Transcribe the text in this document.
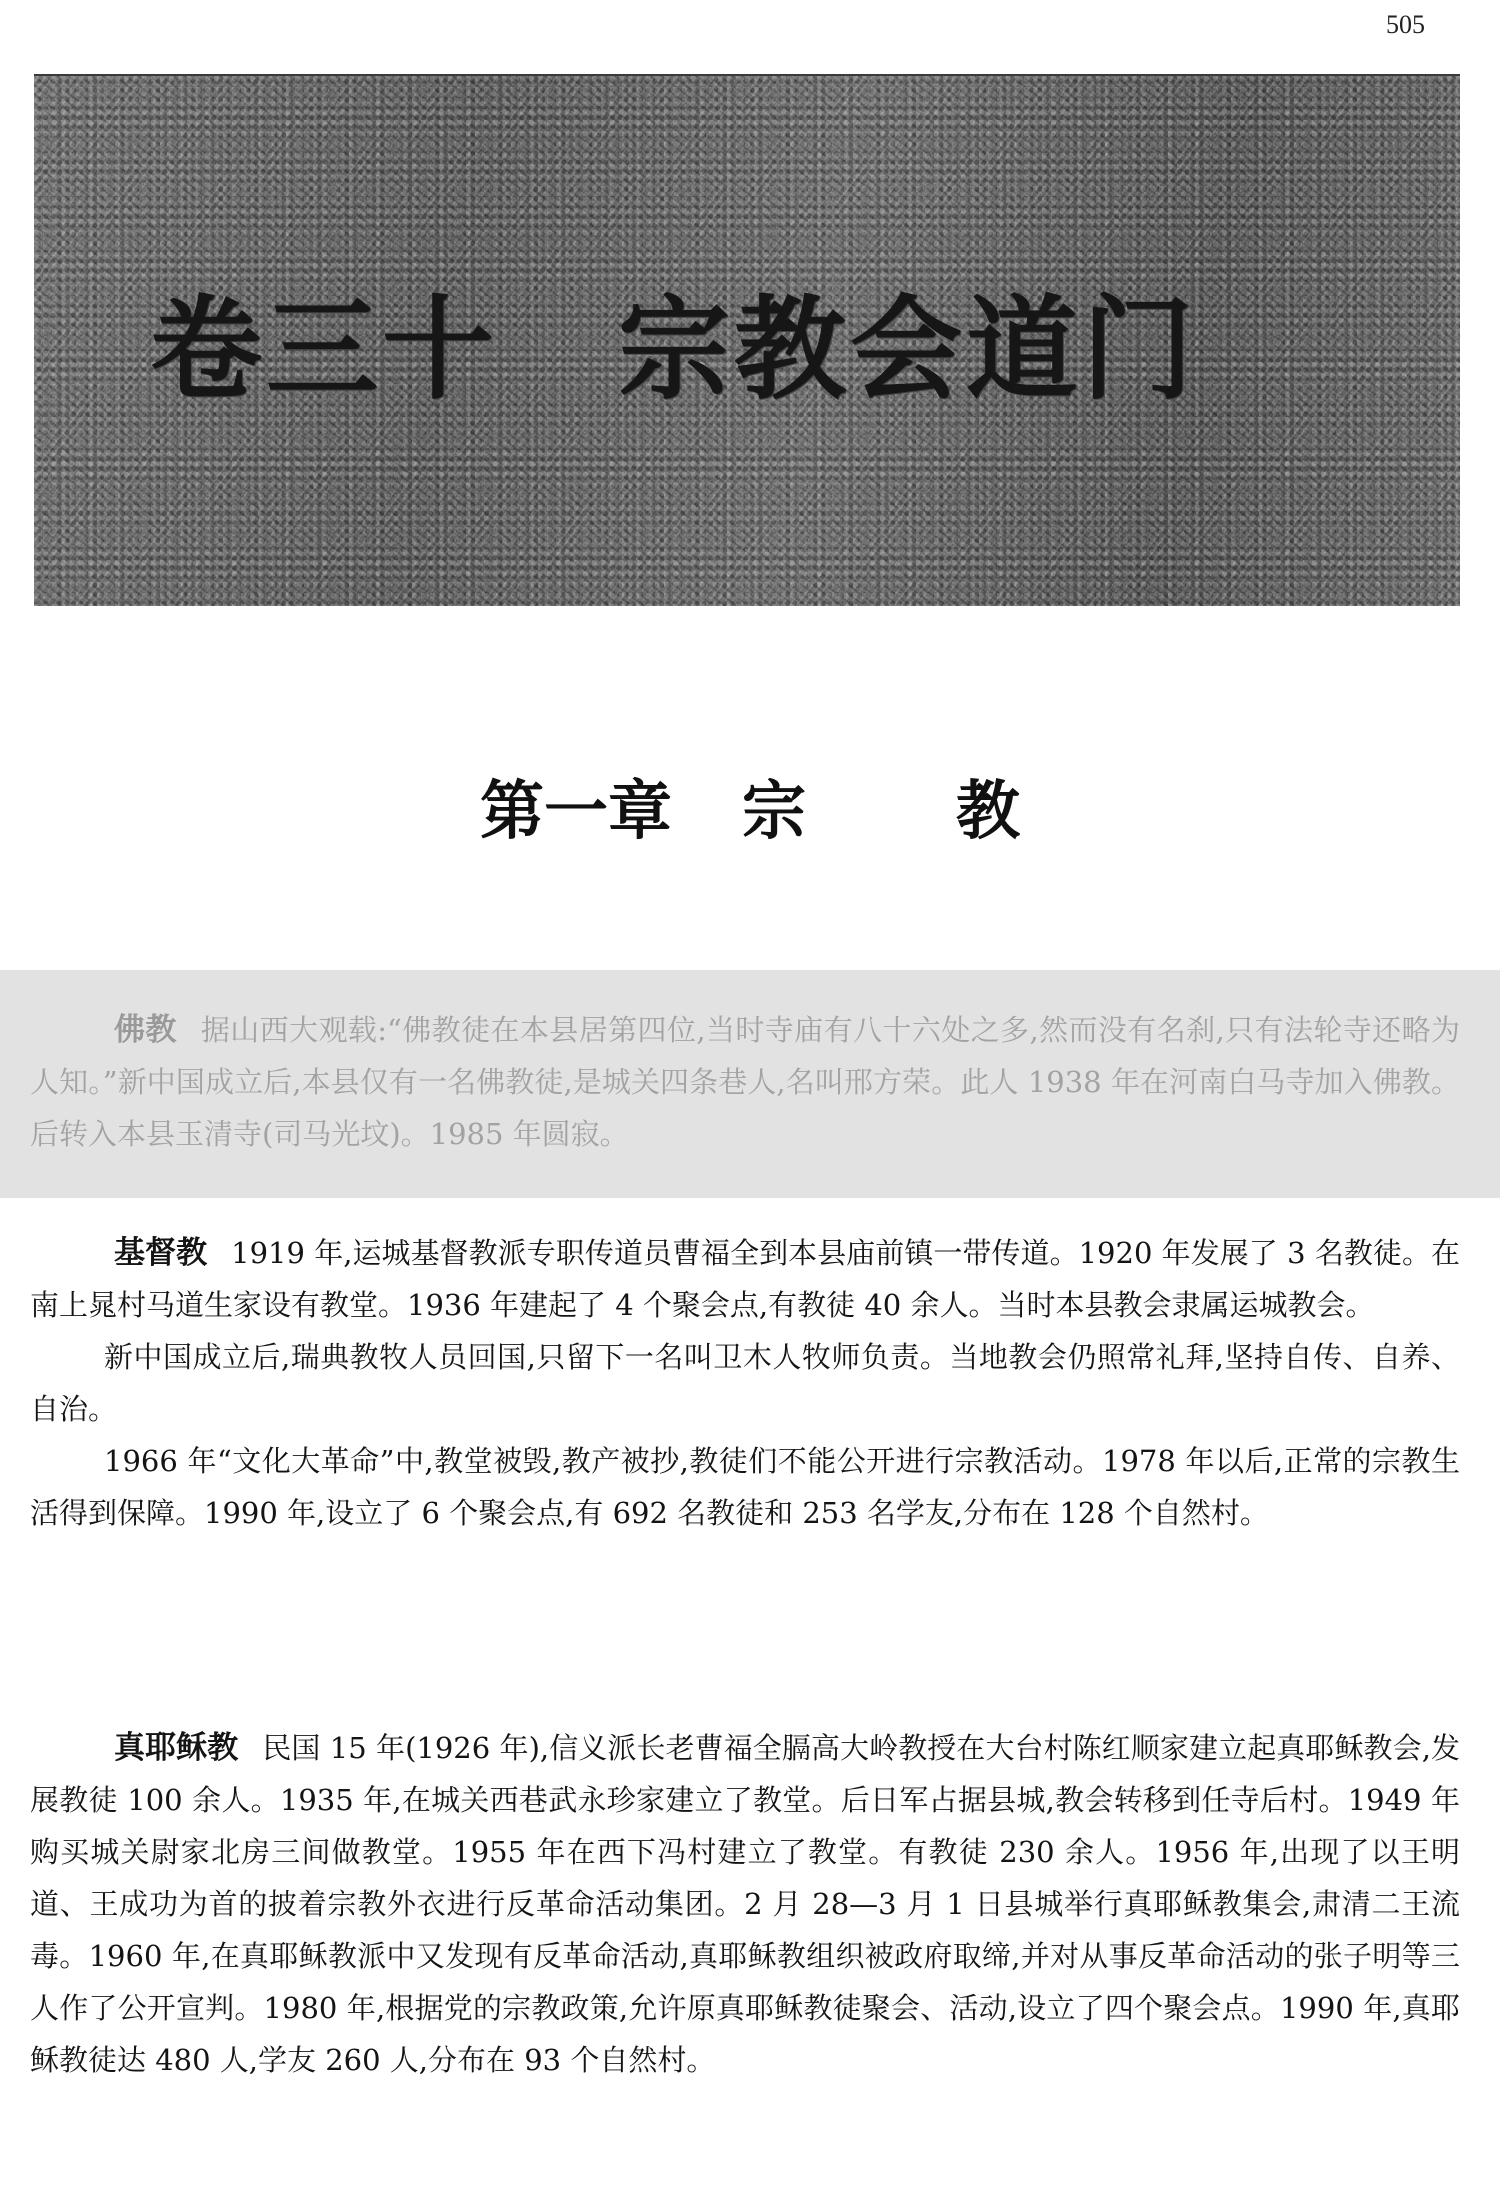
505
卷三十 宗教会道门
第一章 宗 教

佛教 据山西大观载:“佛教徒在本县居第四位,当时寺庙有八十六处之多,然而没有名刹,只有法轮寺还略为人知。”新中国成立后,本县仅有一名佛教徒,是城关四条巷人,名叫邢方荣。此人 1938 年在河南白马寺加入佛教。后转入本县玉清寺(司马光坟)。1985 年圆寂。

基督教 1919 年,运城基督教派专职传道员曹福全到本县庙前镇一带传道。1920 年发展了 3 名教徒。在南上晁村马道生家设有教堂。1936 年建起了 4 个聚会点,有教徒 40 余人。当时本县教会隶属运城教会。

新中国成立后,瑞典教牧人员回国,只留下一名叫卫木人牧师负责。当地教会仍照常礼拜,坚持自传、自养、自治。

1966 年“文化大革命”中,教堂被毁,教产被抄,教徒们不能公开进行宗教活动。1978 年以后,正常的宗教生活得到保障。1990 年,设立了 6 个聚会点,有 692 名教徒和 253 名学友,分布在 128 个自然村。

真耶稣教 民国 15 年(1926 年),信义派长老曹福全膈高大岭教授在大台村陈红顺家建立起真耶稣教会,发展教徒 100 余人。1935 年,在城关西巷武永珍家建立了教堂。后日军占据县城,教会转移到任寺后村。1949 年购买城关尉家北房三间做教堂。1955 年在西下冯村建立了教堂。有教徒 230 余人。1956 年,出现了以王明道、王成功为首的披着宗教外衣进行反革命活动集团。2 月 28—3 月 1 日县城举行真耶稣教集会,肃清二王流毒。1960 年,在真耶稣教派中又发现有反革命活动,真耶稣教组织被政府取缔,并对从事反革命活动的张子明等三人作了公开宣判。1980 年,根据党的宗教政策,允许原真耶稣教徒聚会、活动,设立了四个聚会点。1990 年,真耶稣教徒达 480 人,学友 260 人,分布在 93 个自然村。
